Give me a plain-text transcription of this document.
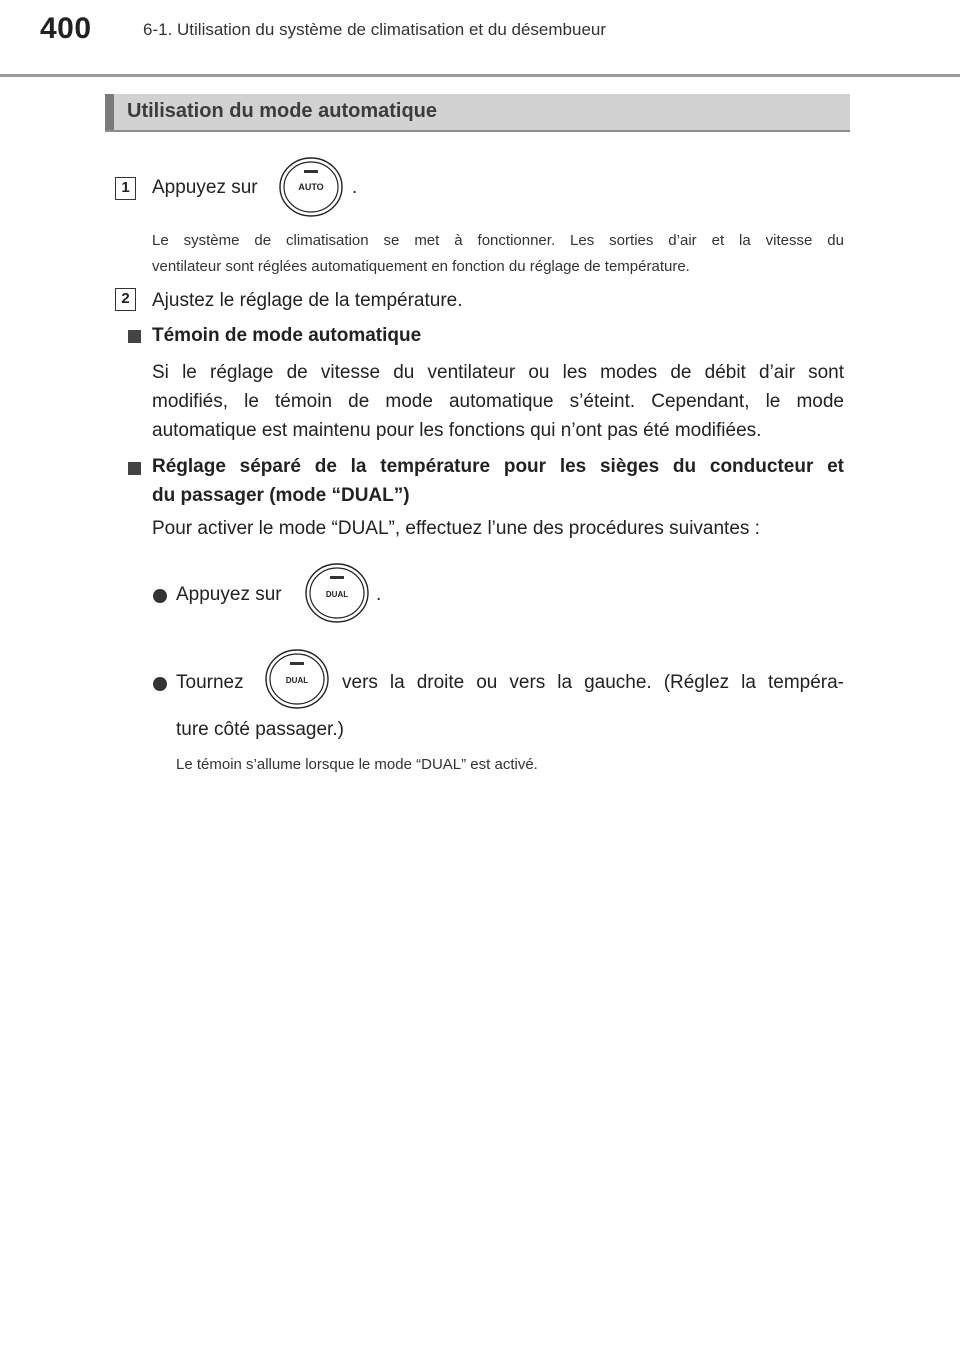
400	6-1. Utilisation du système de climatisation et du désembueur
Utilisation du mode automatique
1	Appuyez sur	AUTO .
Le système de climatisation se met à fonctionner. Les sorties d’air et la vitesse du
ventilateur sont réglées automatiquement en fonction du réglage de température.
2	Ajustez le réglage de la température.
Témoin de mode automatique
Si le réglage de vitesse du ventilateur ou les modes de débit d’air sont
modifiés, le témoin de mode automatique s’éteint. Cependant, le mode
automatique est maintenu pour les fonctions qui n’ont pas été modifiées.
Réglage séparé de la température pour les sièges du conducteur et
du passager (mode “DUAL”)
Pour activer le mode “DUAL”, effectuez l’une des procédures suivantes :
Appuyez sur	DUAL .
Tournez	DUAL vers la droite ou vers la gauche. (Réglez la tempéra-
ture côté passager.)
Le témoin s’allume lorsque le mode “DUAL” est activé.
